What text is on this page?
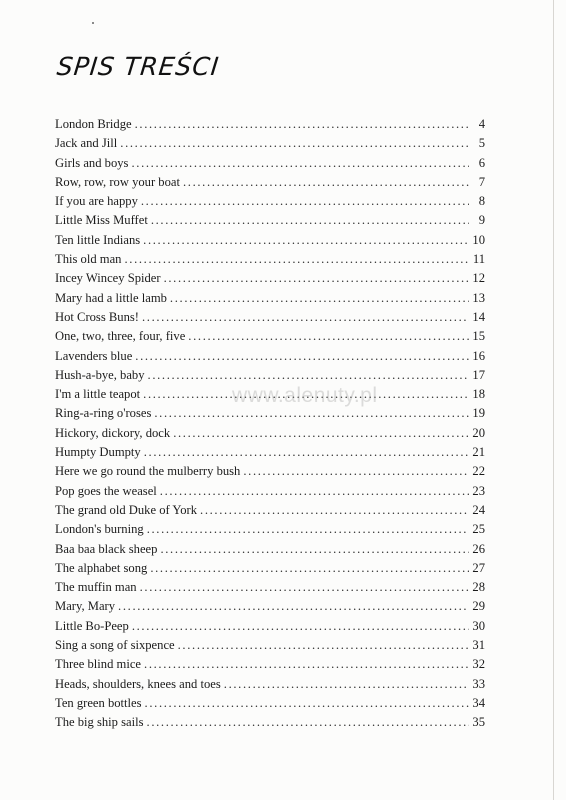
SPIS TREŚCI
London Bridge . . .	4
Jack and Jill . . .	5
Girls and boys . . .	6
Row, row, row your boat . . .	7
If you are happy . . .	8
Little Miss Muffet . . .	9
Ten little Indians . . .	10
This old man . . .	11
Incey Wincey Spider . . .	12
Mary had a little lamb . . .	13
Hot Cross Buns! . . .	14
One, two, three, four, five . . .	15
Lavenders blue . . .	16
Hush-a-bye, baby . . .	17
I'm a little teapot . . .	18
Ring-a-ring o'roses . . .	19
Hickory, dickory, dock . . .	20
Humpty Dumpty . . .	21
Here we go round the mulberry bush . . .	22
Pop goes the weasel . . .	23
The grand old Duke of York . . .	24
London's burning . . .	25
Baa baa black sheep . . .	26
The alphabet song . . .	27
The muffin man . . .	28
Mary, Mary . . .	29
Little Bo-Peep . . .	30
Sing a song of sixpence . . .	31
Three blind mice . . .	32
Heads, shoulders, knees and toes . . .	33
Ten green bottles . . .	34
The big ship sails . . .	35
www.alenuty.pl
